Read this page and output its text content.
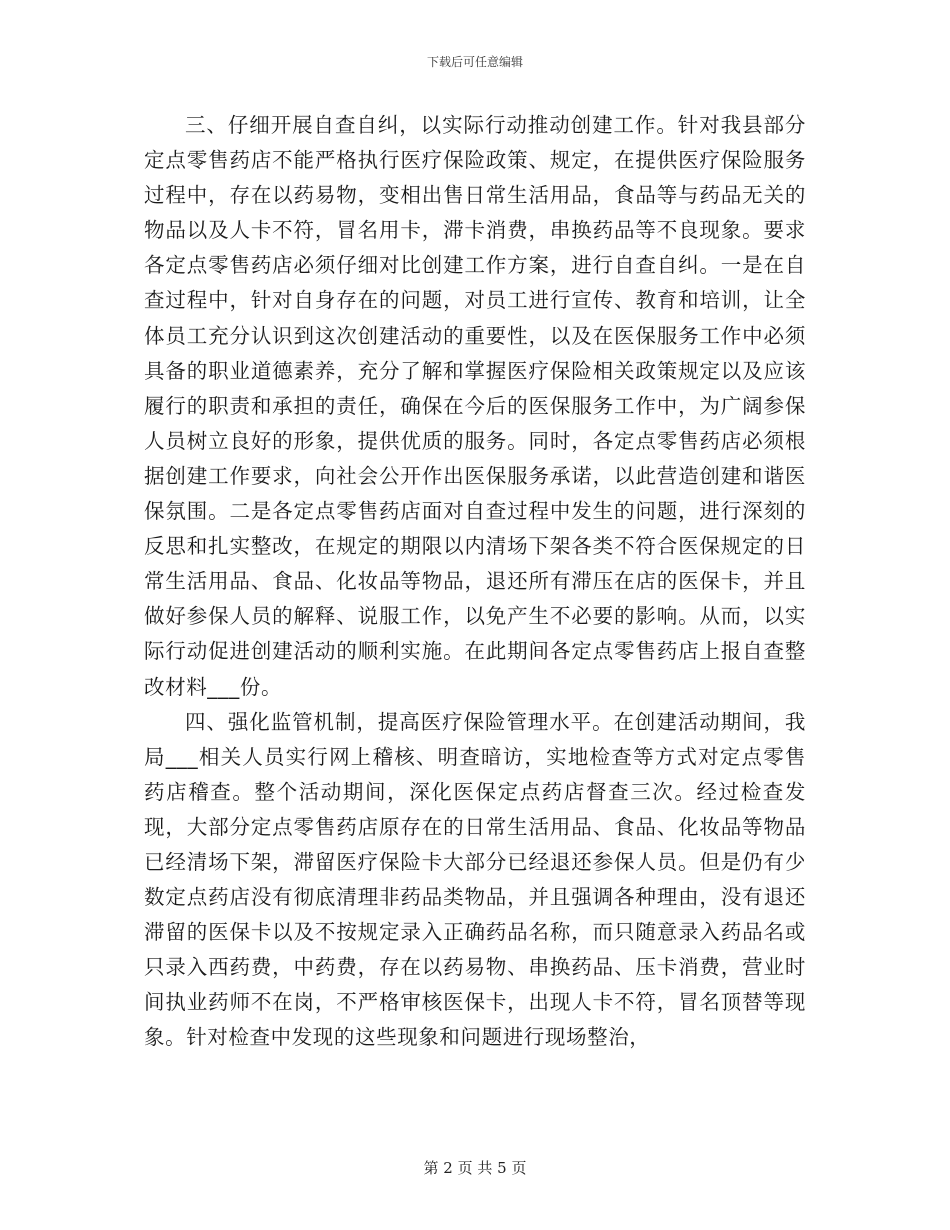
下载后可任意编辑

三、仔细开展自查自纠，以实际行动推动创建工作。针对我县部分定点零售药店不能严格执行医疗保险政策、规定，在提供医疗保险服务过程中，存在以药易物，变相出售日常生活用品，食品等与药品无关的物品以及人卡不符，冒名用卡，滞卡消费，串换药品等不良现象。要求各定点零售药店必须仔细对比创建工作方案，进行自查自纠。一是在自查过程中，针对自身存在的问题，对员工进行宣传、教育和培训，让全体员工充分认识到这次创建活动的重要性，以及在医保服务工作中必须具备的职业道德素养，充分了解和掌握医疗保险相关政策规定以及应该履行的职责和承担的责任，确保在今后的医保服务工作中，为广阔参保人员树立良好的形象，提供优质的服务。同时，各定点零售药店必须根据创建工作要求，向社会公开作出医保服务承诺，以此营造创建和谐医保氛围。二是各定点零售药店面对自查过程中发生的问题，进行深刻的反思和扎实整改，在规定的期限以内清场下架各类不符合医保规定的日常生活用品、食品、化妆品等物品，退还所有滞压在店的医保卡，并且做好参保人员的解释、说服工作，以免产生不必要的影响。从而，以实际行动促进创建活动的顺利实施。在此期间各定点零售药店上报自查整改材料___份。

四、强化监管机制，提高医疗保险管理水平。在创建活动期间，我局___相关人员实行网上稽核、明查暗访，实地检查等方式对定点零售药店稽查。整个活动期间，深化医保定点药店督查三次。经过检查发现，大部分定点零售药店原存在的日常生活用品、食品、化妆品等物品已经清场下架，滞留医疗保险卡大部分已经退还参保人员。但是仍有少数定点药店没有彻底清理非药品类物品，并且强调各种理由，没有退还滞留的医保卡以及不按规定录入正确药品名称，而只随意录入药品名或只录入西药费，中药费，存在以药易物、串换药品、压卡消费，营业时间执业药师不在岗，不严格审核医保卡，出现人卡不符，冒名顶替等现象。针对检查中发现的这些现象和问题进行现场整治，

第 2 页 共 5 页
